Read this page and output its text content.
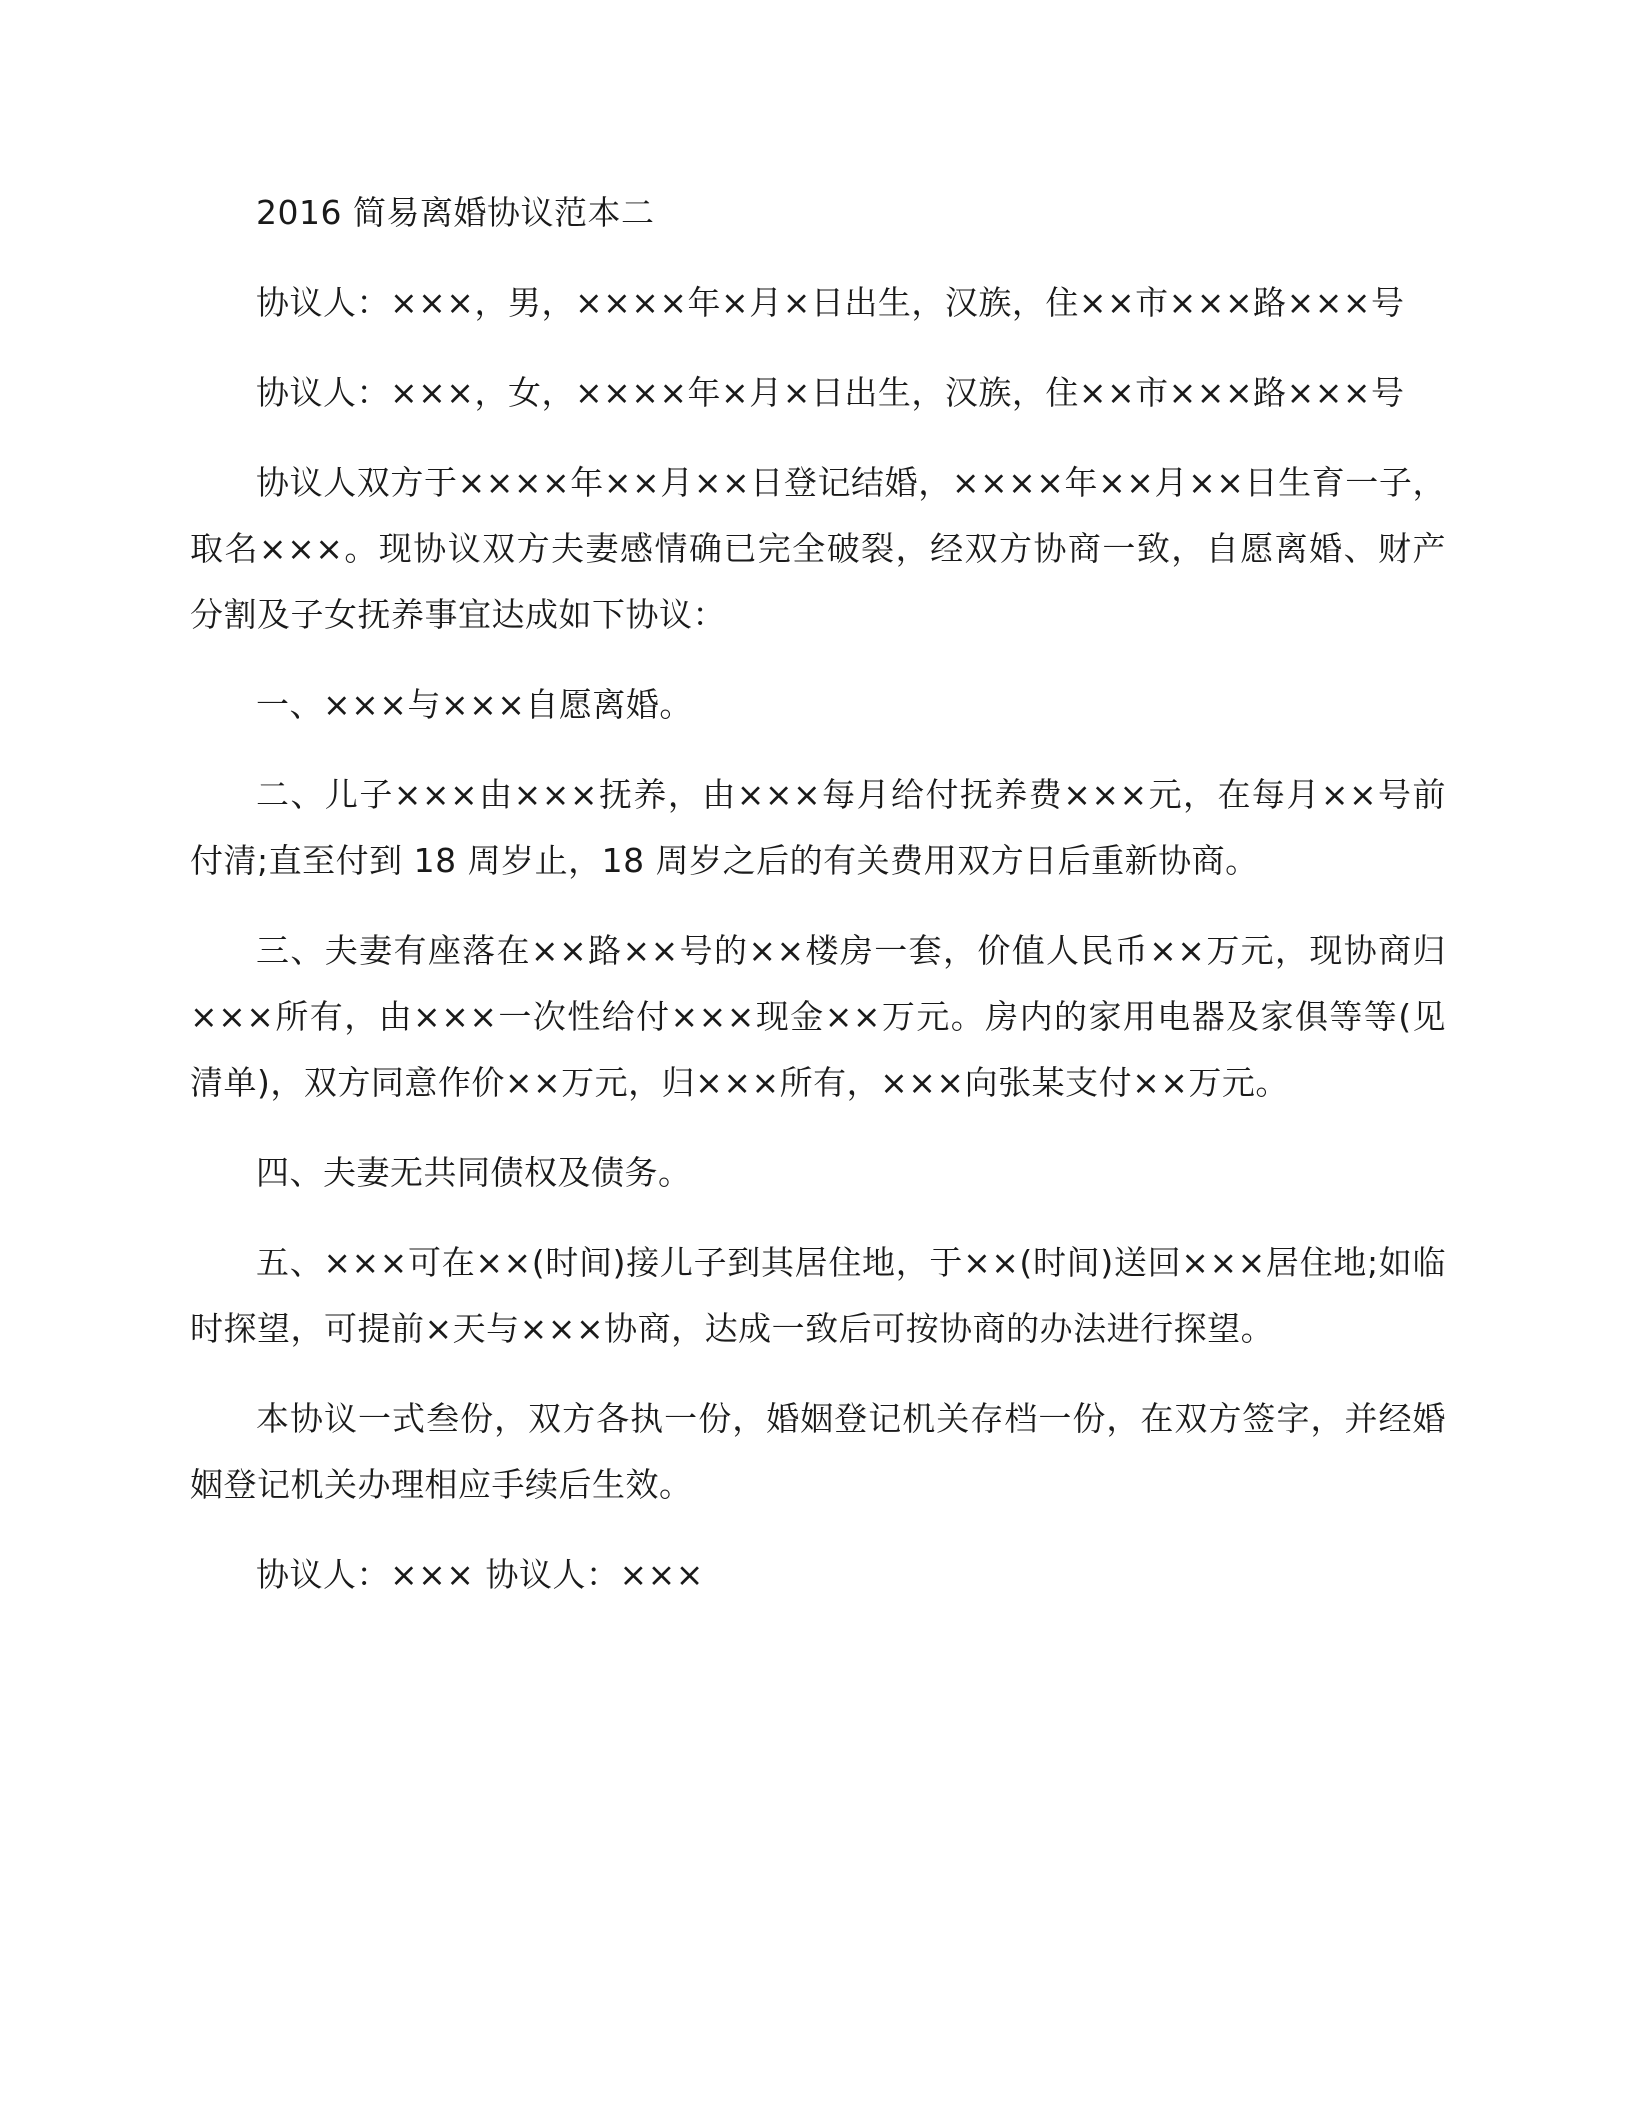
2016 简易离婚协议范本二

协议人：×××，男，××××年×月×日出生，汉族，住××市×××路×××号

协议人：×××，女，××××年×月×日出生，汉族，住××市×××路×××号

协议人双方于××××年××月××日登记结婚，××××年××月××日生育一子，取名×××。现协议双方夫妻感情确已完全破裂，经双方协商一致，自愿离婚、财产分割及子女抚养事宜达成如下协议：

一、×××与×××自愿离婚。

二、儿子×××由×××抚养，由×××每月给付抚养费×××元，在每月××号前付清;直至付到 18 周岁止，18 周岁之后的有关费用双方日后重新协商。

三、夫妻有座落在××路××号的××楼房一套，价值人民币××万元，现协商归×××所有，由×××一次性给付×××现金××万元。房内的家用电器及家俱等等(见清单)，双方同意作价××万元，归×××所有，×××向张某支付××万元。

四、夫妻无共同债权及债务。

五、×××可在××(时间)接儿子到其居住地，于××(时间)送回×××居住地;如临时探望，可提前×天与×××协商，达成一致后可按协商的办法进行探望。

本协议一式叁份，双方各执一份，婚姻登记机关存档一份，在双方签字，并经婚姻登记机关办理相应手续后生效。

协议人：××× 协议人：×××
